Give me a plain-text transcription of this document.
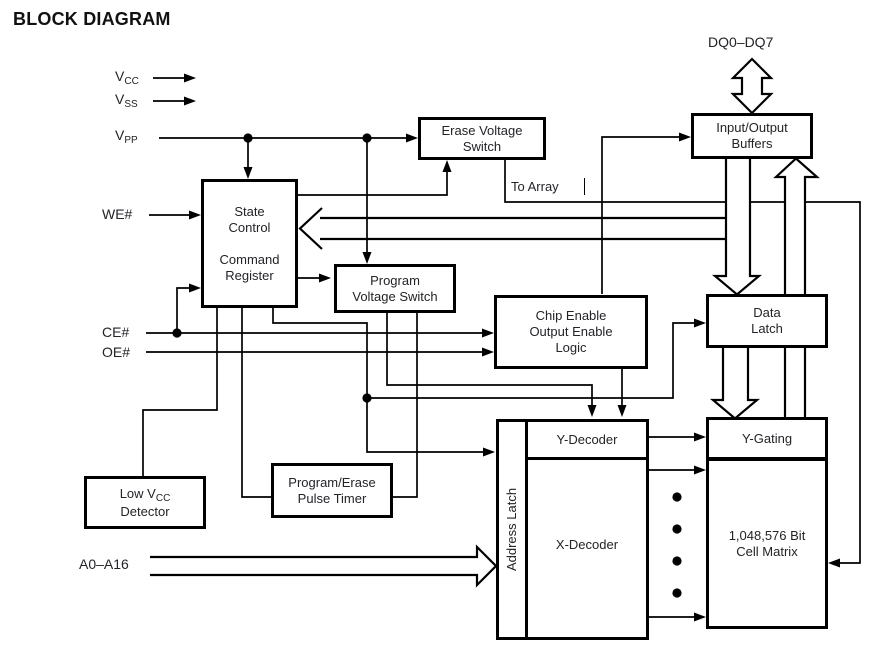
BLOCK DIAGRAM
$V_{CC}$
$V_{SS}$
$V_{PP}$
WE#
CE#
OE#
A0–A16
DQ0–DQ7
To Array
Erase Voltage
Switch
Input/Output
Buffers
State
Control
Command
Register	Program
Voltage Switch
Chip Enable
Output Enable
Logic
Data
Latch
Y-Gating
1,048,576 Bit
Cell Matrix
Address Latch
Y-Decoder
X-Decoder
Low $V_{CC}$
Detector
Program/Erase
Pulse Timer
